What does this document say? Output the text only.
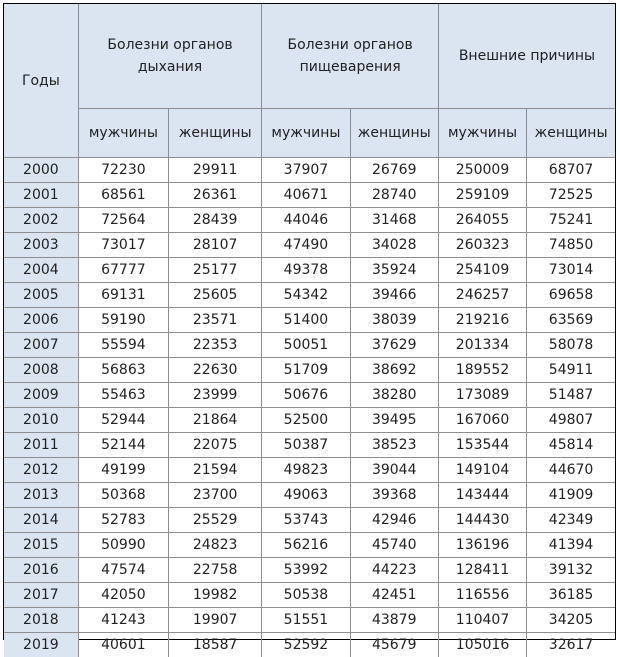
Годы	Болезни органов дыхания		Болезни органов пищеварения		Внешние причины	
	мужчины	женщины	мужчины	женщины	мужчины	женщины
2000	72230	29911	37907	26769	250009	68707
2001	68561	26361	40671	28740	259109	72525
2002	72564	28439	44046	31468	264055	75241
2003	73017	28107	47490	34028	260323	74850
2004	67777	25177	49378	35924	254109	73014
2005	69131	25605	54342	39466	246257	69658
2006	59190	23571	51400	38039	219216	63569
2007	55594	22353	50051	37629	201334	58078
2008	56863	22630	51709	38692	189552	54911
2009	55463	23999	50676	38280	173089	51487
2010	52944	21864	52500	39495	167060	49807
2011	52144	22075	50387	38523	153544	45814
2012	49199	21594	49823	39044	149104	44670
2013	50368	23700	49063	39368	143444	41909
2014	52783	25529	53743	42946	144430	42349
2015	50990	24823	56216	45740	136196	41394
2016	47574	22758	53992	44223	128411	39132
2017	42050	19982	50538	42451	116556	36185
2018	41243	19907	51551	43879	110407	34205
2019	40601	18587	52592	45679	105016	32617
